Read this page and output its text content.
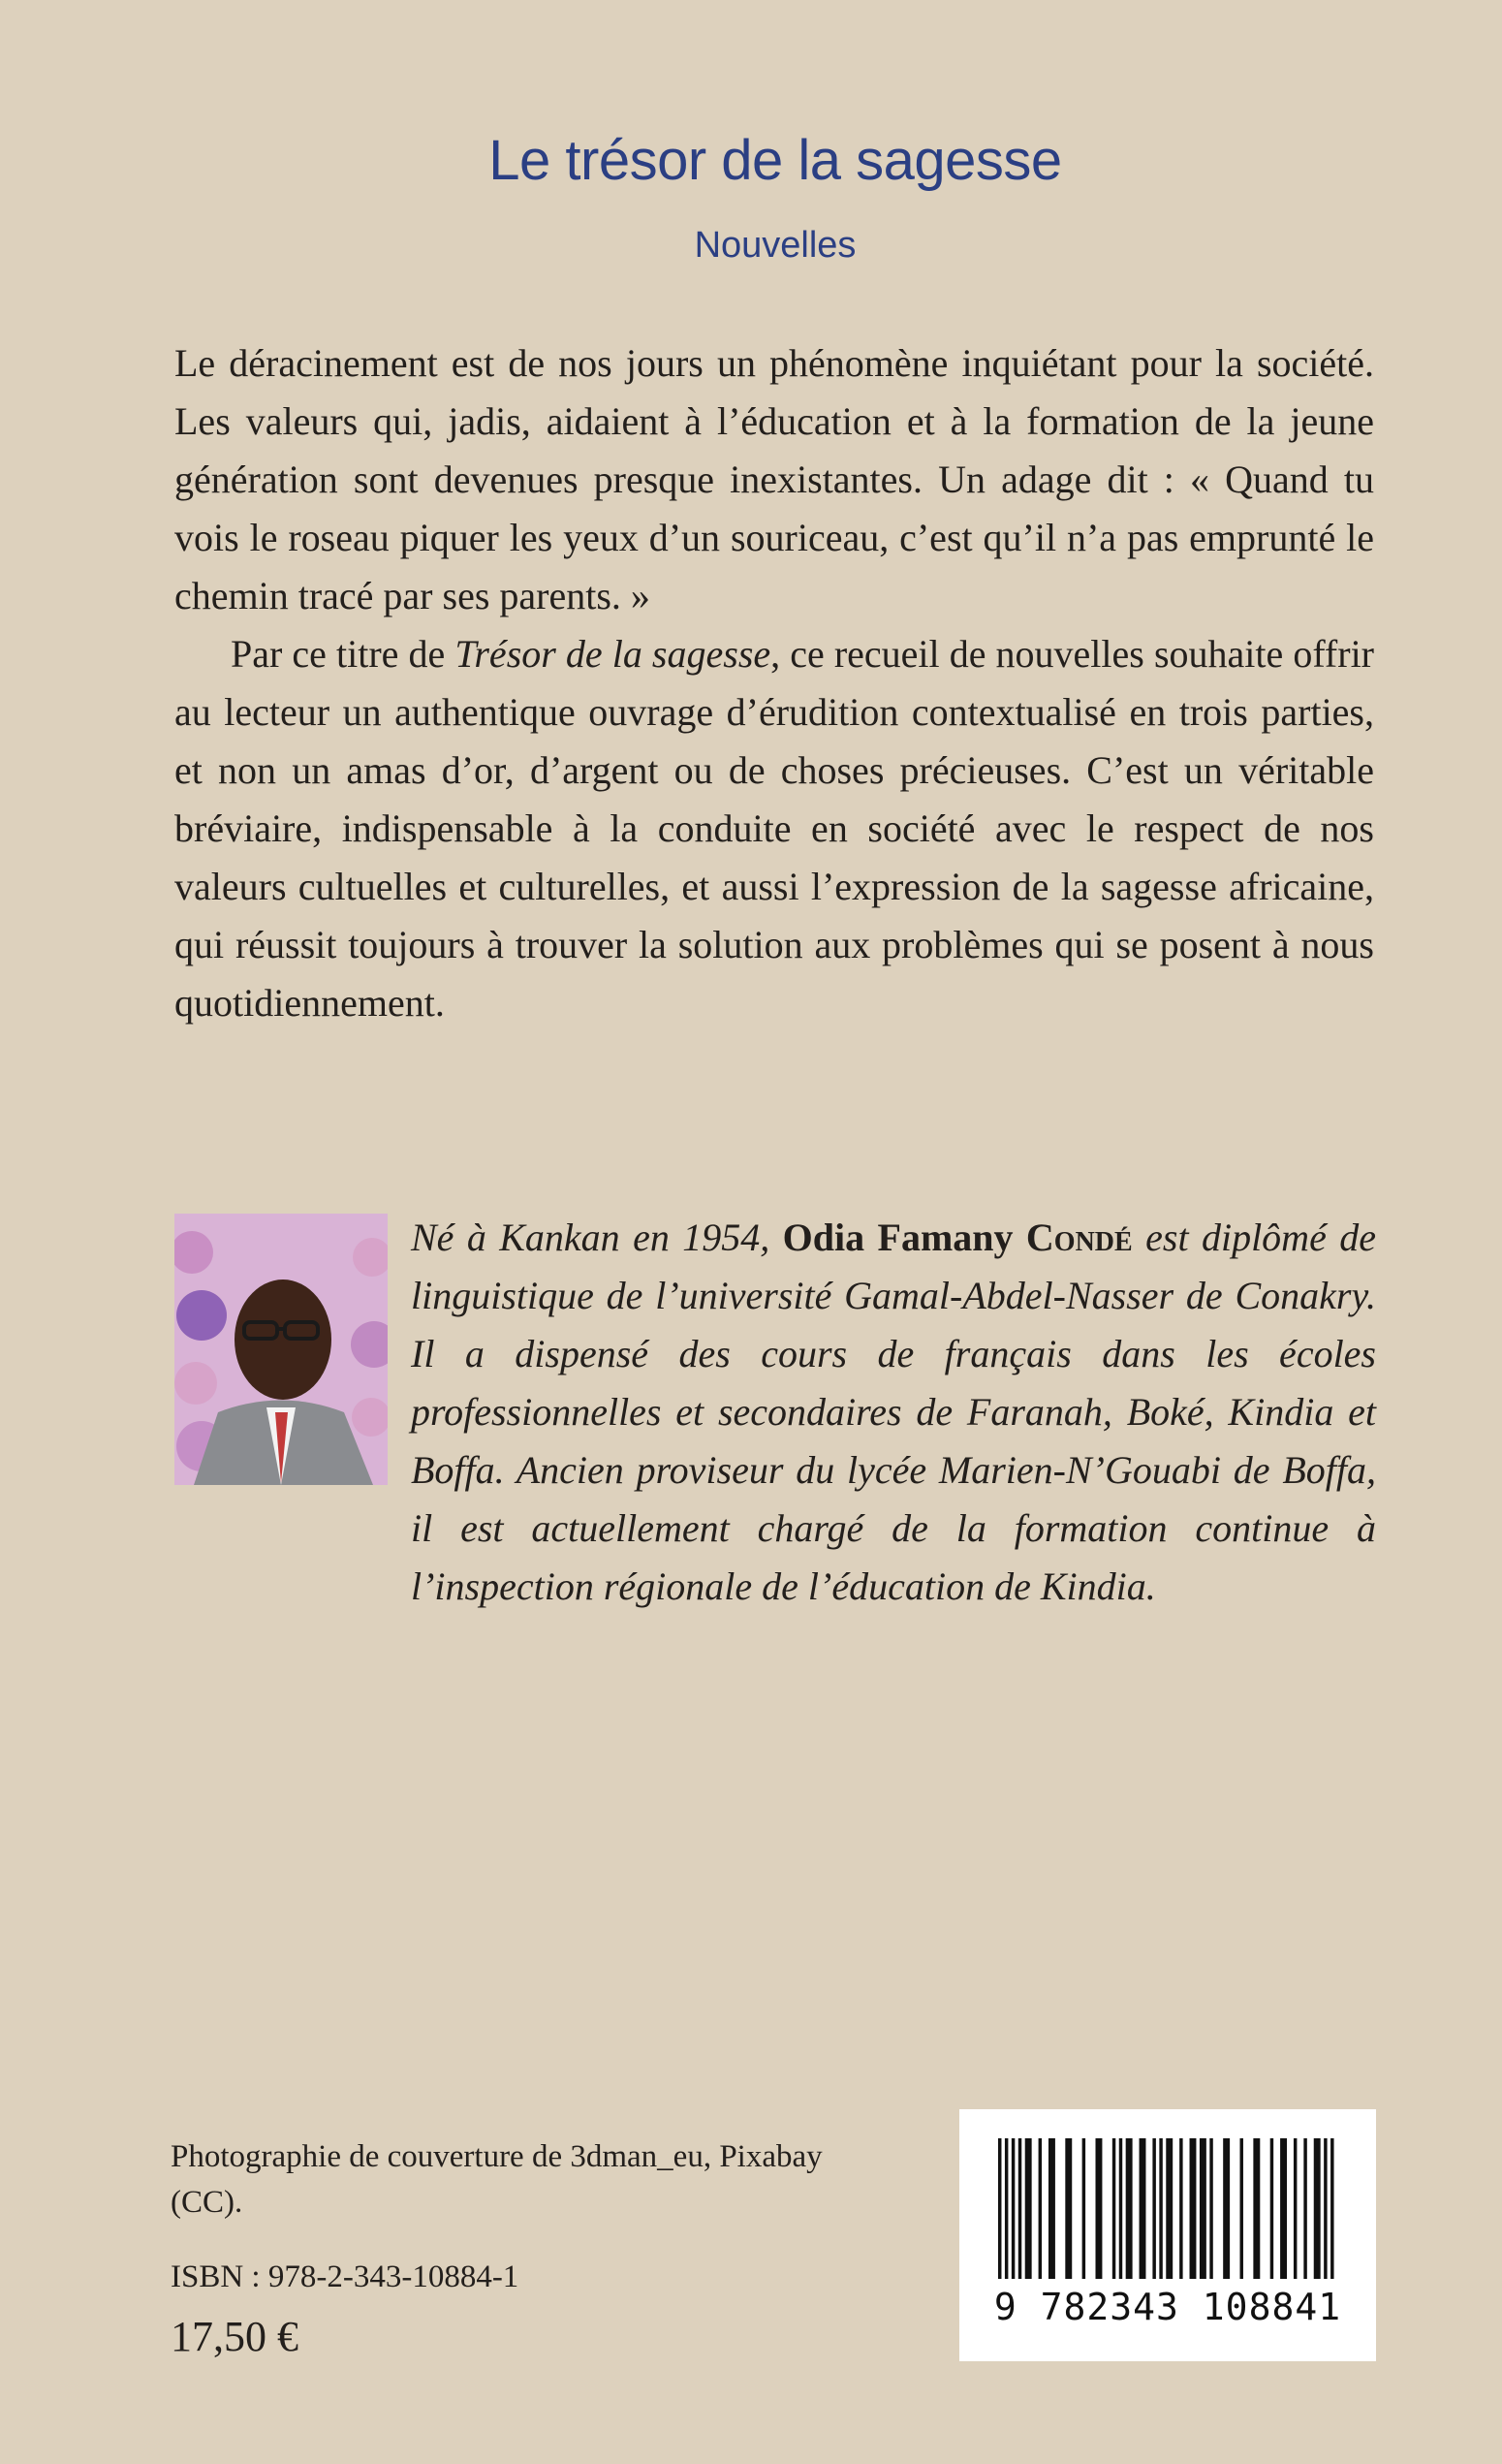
Le trésor de la sagesse
Nouvelles

Le déracinement est de nos jours un phénomène inquiétant pour la société. Les valeurs qui, jadis, aidaient à l’éducation et à la formation de la jeune génération sont devenues presque inexistantes. Un adage dit : « Quand tu vois le roseau piquer les yeux d’un souriceau, c’est qu’il n’a pas emprunté le chemin tracé par ses parents. »

Par ce titre de Trésor de la sagesse, ce recueil de nouvelles souhaite offrir au lecteur un authentique ouvrage d’érudition contextualisé en trois parties, et non un amas d’or, d’argent ou de choses précieuses. C’est un véritable bréviaire, indispensable à la conduite en société avec le respect de nos valeurs cultuelles et culturelles, et aussi l’expression de la sagesse africaine, qui réussit toujours à trouver la solution aux problèmes qui se posent à nous quotidiennement.

Né à Kankan en 1954, Odia Famany Condé est diplômé de linguistique de l’université Gamal-Abdel-Nasser de Conakry. Il a dispensé des cours de français dans les écoles professionnelles et secondaires de Faranah, Boké, Kindia et Boffa. Ancien proviseur du lycée Marien-N’Gouabi de Boffa, il est actuellement chargé de la formation continue à l’inspection régionale de l’éducation de Kindia.

Photographie de couverture de 3dman_eu, Pixabay (CC).
ISBN : 978-2-343-10884-1
17,50 €
9 782343 108841
